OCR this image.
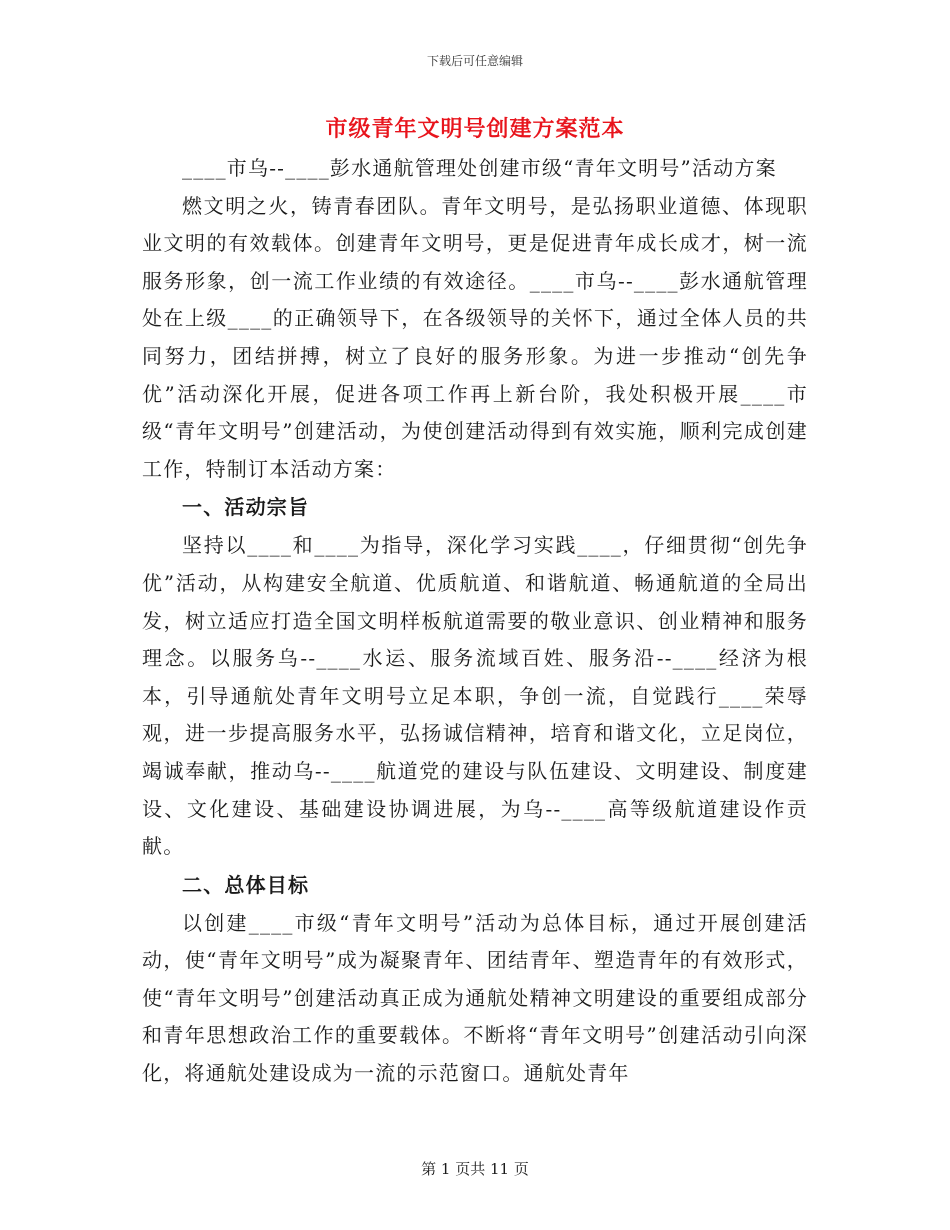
下载后可任意编辑
市级青年文明号创建方案范本

____市乌--____彭水通航管理处创建市级“青年文明号”活动方案

燃文明之火，铸青春团队。青年文明号，是弘扬职业道德、体现职业文明的有效载体。创建青年文明号，更是促进青年成长成才，树一流服务形象，创一流工作业绩的有效途径。____市乌--____彭水通航管理处在上级____的正确领导下，在各级领导的关怀下，通过全体人员的共同努力，团结拼搏，树立了良好的服务形象。为进一步推动“创先争优”活动深化开展，促进各项工作再上新台阶，我处积极开展____市级“青年文明号”创建活动，为使创建活动得到有效实施，顺利完成创建工作，特制订本活动方案：

一、活动宗旨

坚持以____和____为指导，深化学习实践____，仔细贯彻“创先争优”活动，从构建安全航道、优质航道、和谐航道、畅通航道的全局出发，树立适应打造全国文明样板航道需要的敬业意识、创业精神和服务理念。以服务乌--____水运、服务流域百姓、服务沿--____经济为根本，引导通航处青年文明号立足本职，争创一流，自觉践行____荣辱观，进一步提高服务水平，弘扬诚信精神，培育和谐文化，立足岗位，竭诚奉献，推动乌--____航道党的建设与队伍建设、文明建设、制度建设、文化建设、基础建设协调进展，为乌--____高等级航道建设作贡献。

二、总体目标

以创建____市级“青年文明号”活动为总体目标，通过开展创建活动，使“青年文明号”成为凝聚青年、团结青年、塑造青年的有效形式，使“青年文明号”创建活动真正成为通航处精神文明建设的重要组成部分和青年思想政治工作的重要载体。不断将“青年文明号”创建活动引向深化，将通航处建设成为一流的示范窗口。通航处青年

第 1 页共 11 页
